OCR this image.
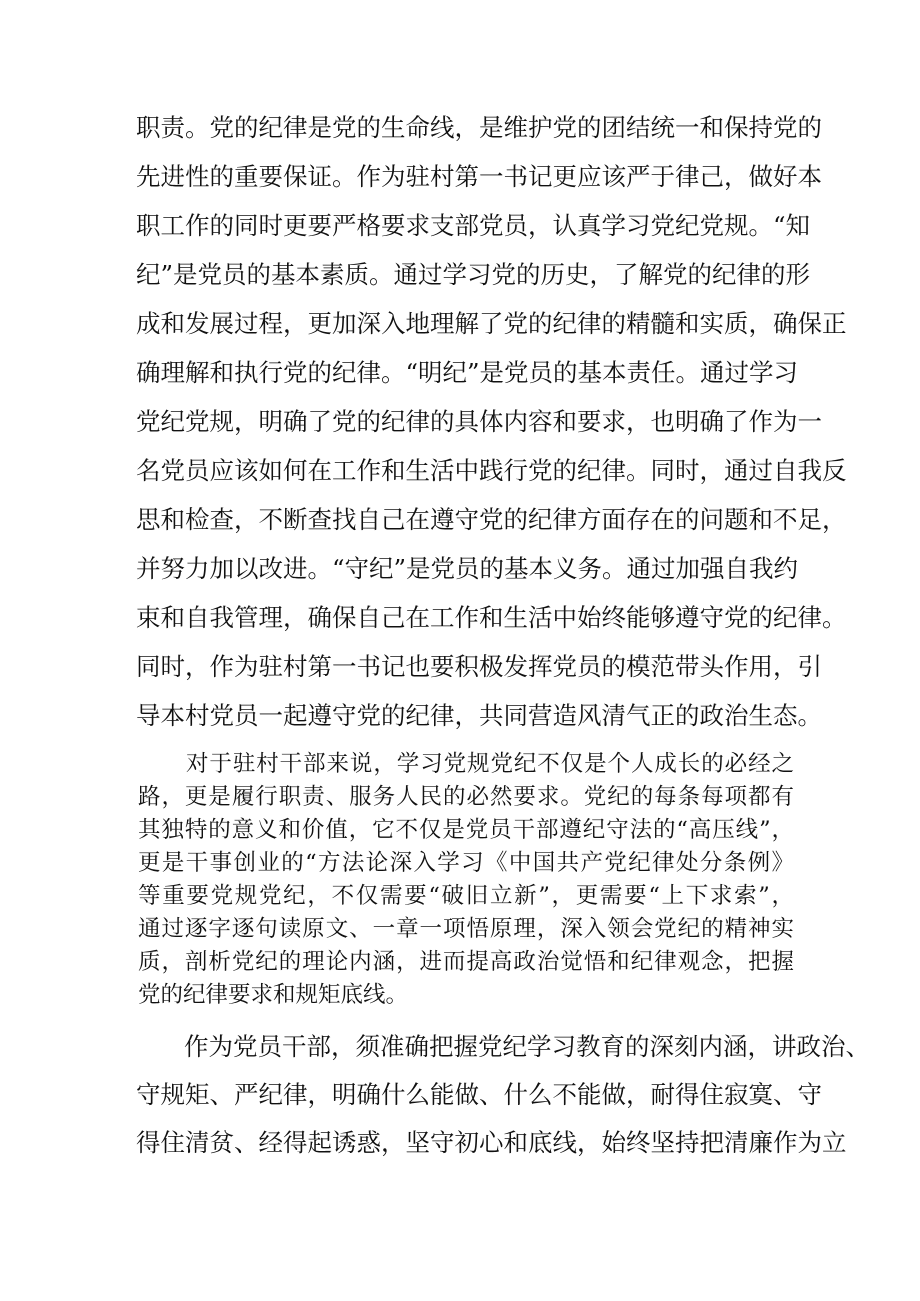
职责。党的纪律是党的生命线，是维护党的团结统一和保持党的

先进性的重要保证。作为驻村第一书记更应该严于律己，做好本

职工作的同时更要严格要求支部党员，认真学习党纪党规。“知

纪”是党员的基本素质。通过学习党的历史，了解党的纪律的形

成和发展过程，更加深入地理解了党的纪律的精髓和实质，确保正

确理解和执行党的纪律。“明纪”是党员的基本责任。通过学习

党纪党规，明确了党的纪律的具体内容和要求，也明确了作为一

名党员应该如何在工作和生活中践行党的纪律。同时，通过自我反

思和检查，不断查找自己在遵守党的纪律方面存在的问题和不足，

并努力加以改进。“守纪”是党员的基本义务。通过加强自我约

束和自我管理，确保自己在工作和生活中始终能够遵守党的纪律。

同时，作为驻村第一书记也要积极发挥党员的模范带头作用，引

导本村党员一起遵守党的纪律，共同营造风清气正的政治生态。

对于驻村干部来说，学习党规党纪不仅是个人成长的必经之

路，更是履行职责、服务人民的必然要求。党纪的每条每项都有

其独特的意义和价值，它不仅是党员干部遵纪守法的“高压线”，

更是干事创业的“方法论深入学习《中国共产党纪律处分条例》

等重要党规党纪，不仅需要“破旧立新”，更需要“上下求索”，

通过逐字逐句读原文、一章一项悟原理，深入领会党纪的精神实

质，剖析党纪的理论内涵，进而提高政治觉悟和纪律观念，把握

党的纪律要求和规矩底线。

作为党员干部，须准确把握党纪学习教育的深刻内涵，讲政治、

守规矩、严纪律，明确什么能做、什么不能做，耐得住寂寞、守

得住清贫、经得起诱惑，坚守初心和底线，始终坚持把清廉作为立
